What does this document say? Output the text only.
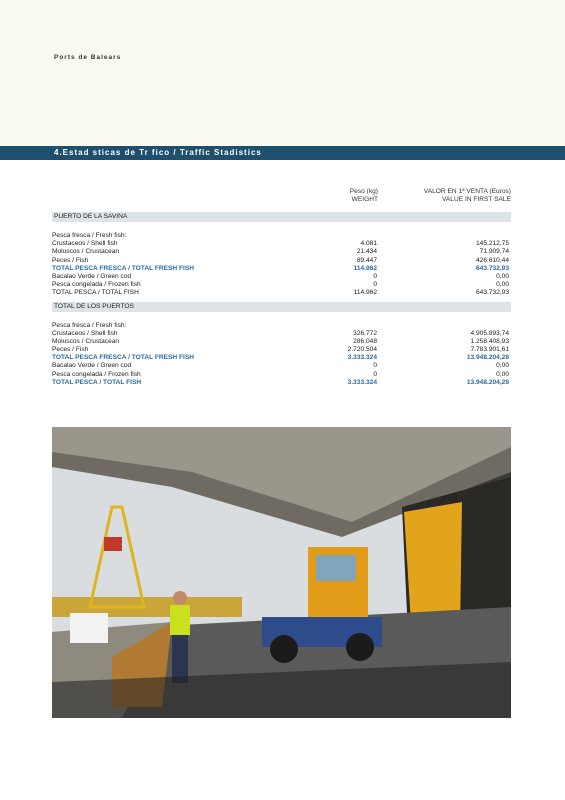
Ports de Balears
4.Estad sticas de Tr fico / Traffic Stadistics
Peso (kg)
WEIGHT
VALOR EN 1ª VENTA (Euros)
VALUE IN FIRST SALE
PUERTO DE LA SAVINA
Pesca fresca / Fresh fish:
Crustaceos / Shell fish	4.081	145.212,75
Moluscos / Crustacean	21.434	71.909,74
Peces / Fish	89.447	426.610,44
TOTAL PESCA FRESCA / TOTAL FRESH FISH	114.962	643.732,93
Bacalao Verde / Green cod	0	0,00
Pesca congelada / Frozen fish	0	0,00
TOTAL PESCA / TOTAL FISH	114.962	643.732,93
TOTAL DE LOS PUERTOS
Pesca fresca / Fresh fish:
Crustaceos / Shell fish	326.772	4.905.893,74
Moluscos / Crustacean	286.048	1.258.408,93
Peces / Fish	2.720.504	7.783.901,61
TOTAL PESCA FRESCA / TOTAL FRESH FISH	3.333.324	13.948.204,28
Bacalao Verde / Green cod	0	0,00
Pesca congelada / Frozen fish	0	0,00
TOTAL PESCA / TOTAL FISH	3.333.324	13.948.204,28
